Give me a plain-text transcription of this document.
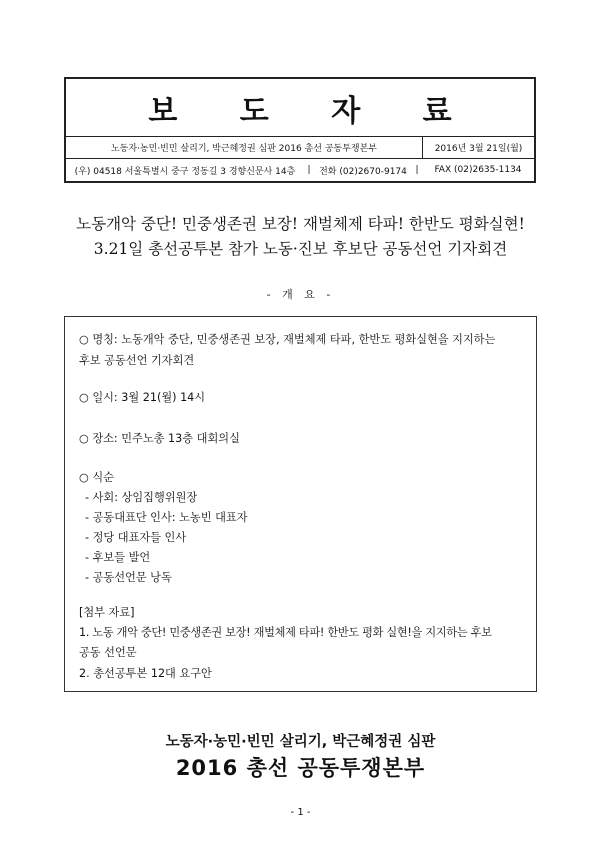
보 도 자 료
노동자·농민·빈민 살리기, 박근혜정권 심판 2016 총선 공동투쟁본부	2016년 3월 21일(월)
(우) 04518 서울특별시 중구 정동길 3 경향신문사 14층	| 전화 (02)2670-9174 |	FAX (02)2635-1134
노동개악 중단! 민중생존권 보장! 재벌체제 타파! 한반도 평화실현!
3.21일 총선공투본 참가 노동·진보 후보단 공동선언 기자회견
- 개 요 -
○ 명칭: 노동개악 중단, 민중생존권 보장, 재벌체제 타파, 한반도 평화실현을 지지하는
후보 공동선언 기자회견
○ 일시: 3월 21(월) 14시
○ 장소: 민주노총 13층 대회의실
○ 식순
- 사회: 상임집행위원장
- 공동대표단 인사: 노농빈 대표자
- 정당 대표자들 인사
- 후보들 발언
- 공동선언문 낭독
[첨부 자료]
1. 노동 개악 중단! 민중생존권 보장! 재벌체제 타파! 한반도 평화 실현!을 지지하는 후보
공동 선언문
2. 총선공투본 12대 요구안
노동자·농민·빈민 살리기, 박근혜정권 심판
2016 총선 공동투쟁본부
- 1 -
